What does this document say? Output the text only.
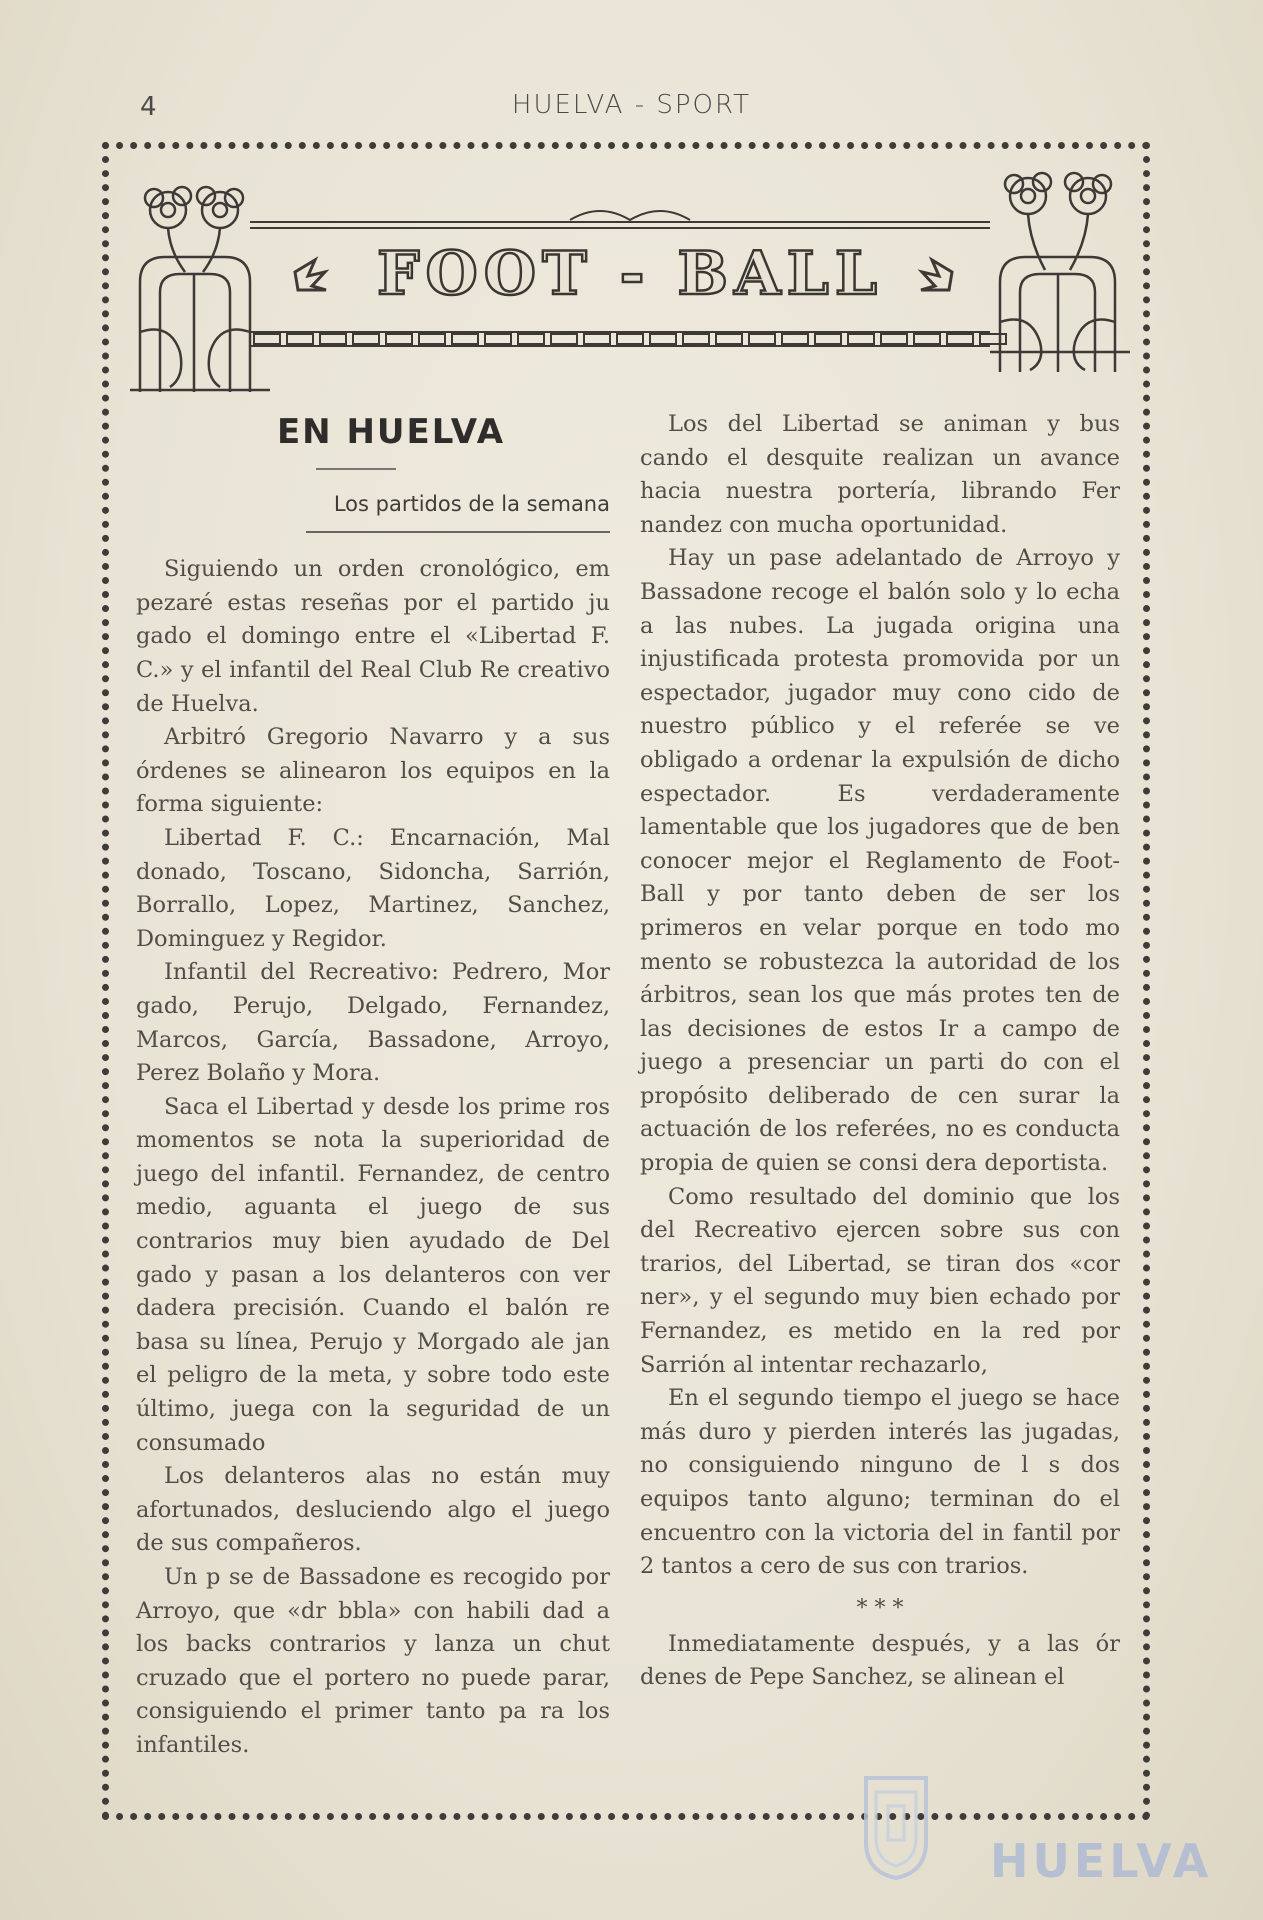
4	HUELVA - SPORT
FOOT - BALL
EN HUELVA
Los partidos de la semana

Siguiendo un orden cronológico, em pezaré estas reseñas por el partido ju gado el domingo entre el «Libertad F. C.» y el infantil del Real Club Re creativo de Huelva.

Arbitró Gregorio Navarro y a sus órdenes se alinearon los equipos en la forma siguiente:

Libertad F. C.: Encarnación, Mal donado, Toscano, Sidoncha, Sarrión, Borrallo, Lopez, Martinez, Sanchez, Dominguez y Regidor.

Infantil del Recreativo: Pedrero, Mor gado, Perujo, Delgado, Fernandez, Marcos, García, Bassadone, Arroyo, Perez Bolaño y Mora.

Saca el Libertad y desde los prime ros momentos se nota la superioridad de juego del infantil. Fernandez, de centro medio, aguanta el juego de sus contrarios muy bien ayudado de Del gado y pasan a los delanteros con ver dadera precisión. Cuando el balón re basa su línea, Perujo y Morgado ale jan el peligro de la meta, y sobre todo este último, juega con la seguridad de un consumado

Los delanteros alas no están muy afortunados, desluciendo algo el juego de sus compañeros.

Un p se de Bassadone es recogido por Arroyo, que «dr bbla» con habili dad a los backs contrarios y lanza un chut cruzado que el portero no puede parar, consiguiendo el primer tanto pa ra los infantiles.

Los del Libertad se animan y bus cando el desquite realizan un avance hacia nuestra portería, librando Fer nandez con mucha oportunidad.

Hay un pase adelantado de Arroyo y Bassadone recoge el balón solo y lo echa a las nubes. La jugada origina una injustificada protesta promovida por un espectador, jugador muy cono cido de nuestro público y el referée se ve obligado a ordenar la expulsión de dicho espectador. Es verdaderamente lamentable que los jugadores que de ben conocer mejor el Reglamento de Foot-Ball y por tanto deben de ser los primeros en velar porque en todo mo mento se robustezca la autoridad de los árbitros, sean los que más protes ten de las decisiones de estos Ir a campo de juego a presenciar un parti do con el propósito deliberado de cen surar la actuación de los referées, no es conducta propia de quien se consi dera deportista.

Como resultado del dominio que los del Recreativo ejercen sobre sus con trarios, del Libertad, se tiran dos «cor ner», y el segundo muy bien echado por Fernandez, es metido en la red por Sarrión al intentar rechazarlo,

En el segundo tiempo el juego se hace más duro y pierden interés las jugadas, no consiguiendo ninguno de l s dos equipos tanto alguno; terminan do el encuentro con la victoria del in fantil por 2 tantos a cero de sus con trarios.

* * *

Inmediatamente después, y a las ór denes de Pepe Sanchez, se alinean el

HUELVA
